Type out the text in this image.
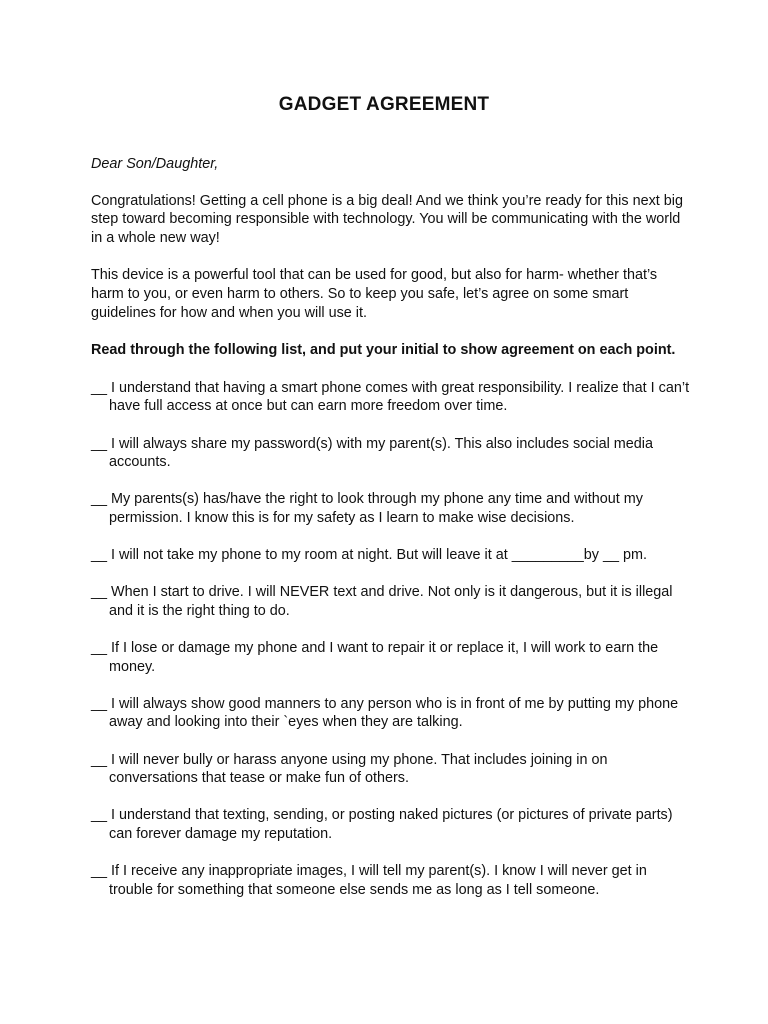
GADGET AGREEMENT
Dear Son/Daughter,
Congratulations! Getting a cell phone is a big deal! And we think you’re ready for this next big step toward becoming responsible with technology. You will be communicating with the world in a whole new way!
This device is a powerful tool that can be used for good, but also for harm- whether that’s harm to you, or even harm to others. So to keep you safe, let’s agree on some smart guidelines for how and when you will use it.
Read through the following list, and put your initial to show agreement on each point.
__ I understand that having a smart phone comes with great responsibility. I realize that I can’t have full access at once but can earn more freedom over time.
__ I will always share my password(s) with my parent(s). This also includes social media accounts.
__ My parents(s) has/have the right to look through my phone any time and without my permission. I know this is for my safety as I learn to make wise decisions.
__ I will not take my phone to my room at night. But will leave it at _________by __ pm.
__ When I start to drive. I will NEVER text and drive. Not only is it dangerous, but it is illegal and it is the right thing to do.
__ If I lose or damage my phone and I want to repair it or replace it, I will work to earn the money.
__ I will always show good manners to any person who is in front of me by putting my phone away and looking into their `eyes when they are talking.
__ I will never bully or harass anyone using my phone. That includes joining in on conversations that tease or make fun of others.
__ I understand that texting, sending, or posting naked pictures (or pictures of private parts) can forever damage my reputation.
__ If I receive any inappropriate images, I will tell my parent(s). I know I will never get in trouble for something that someone else sends me as long as I tell someone.
